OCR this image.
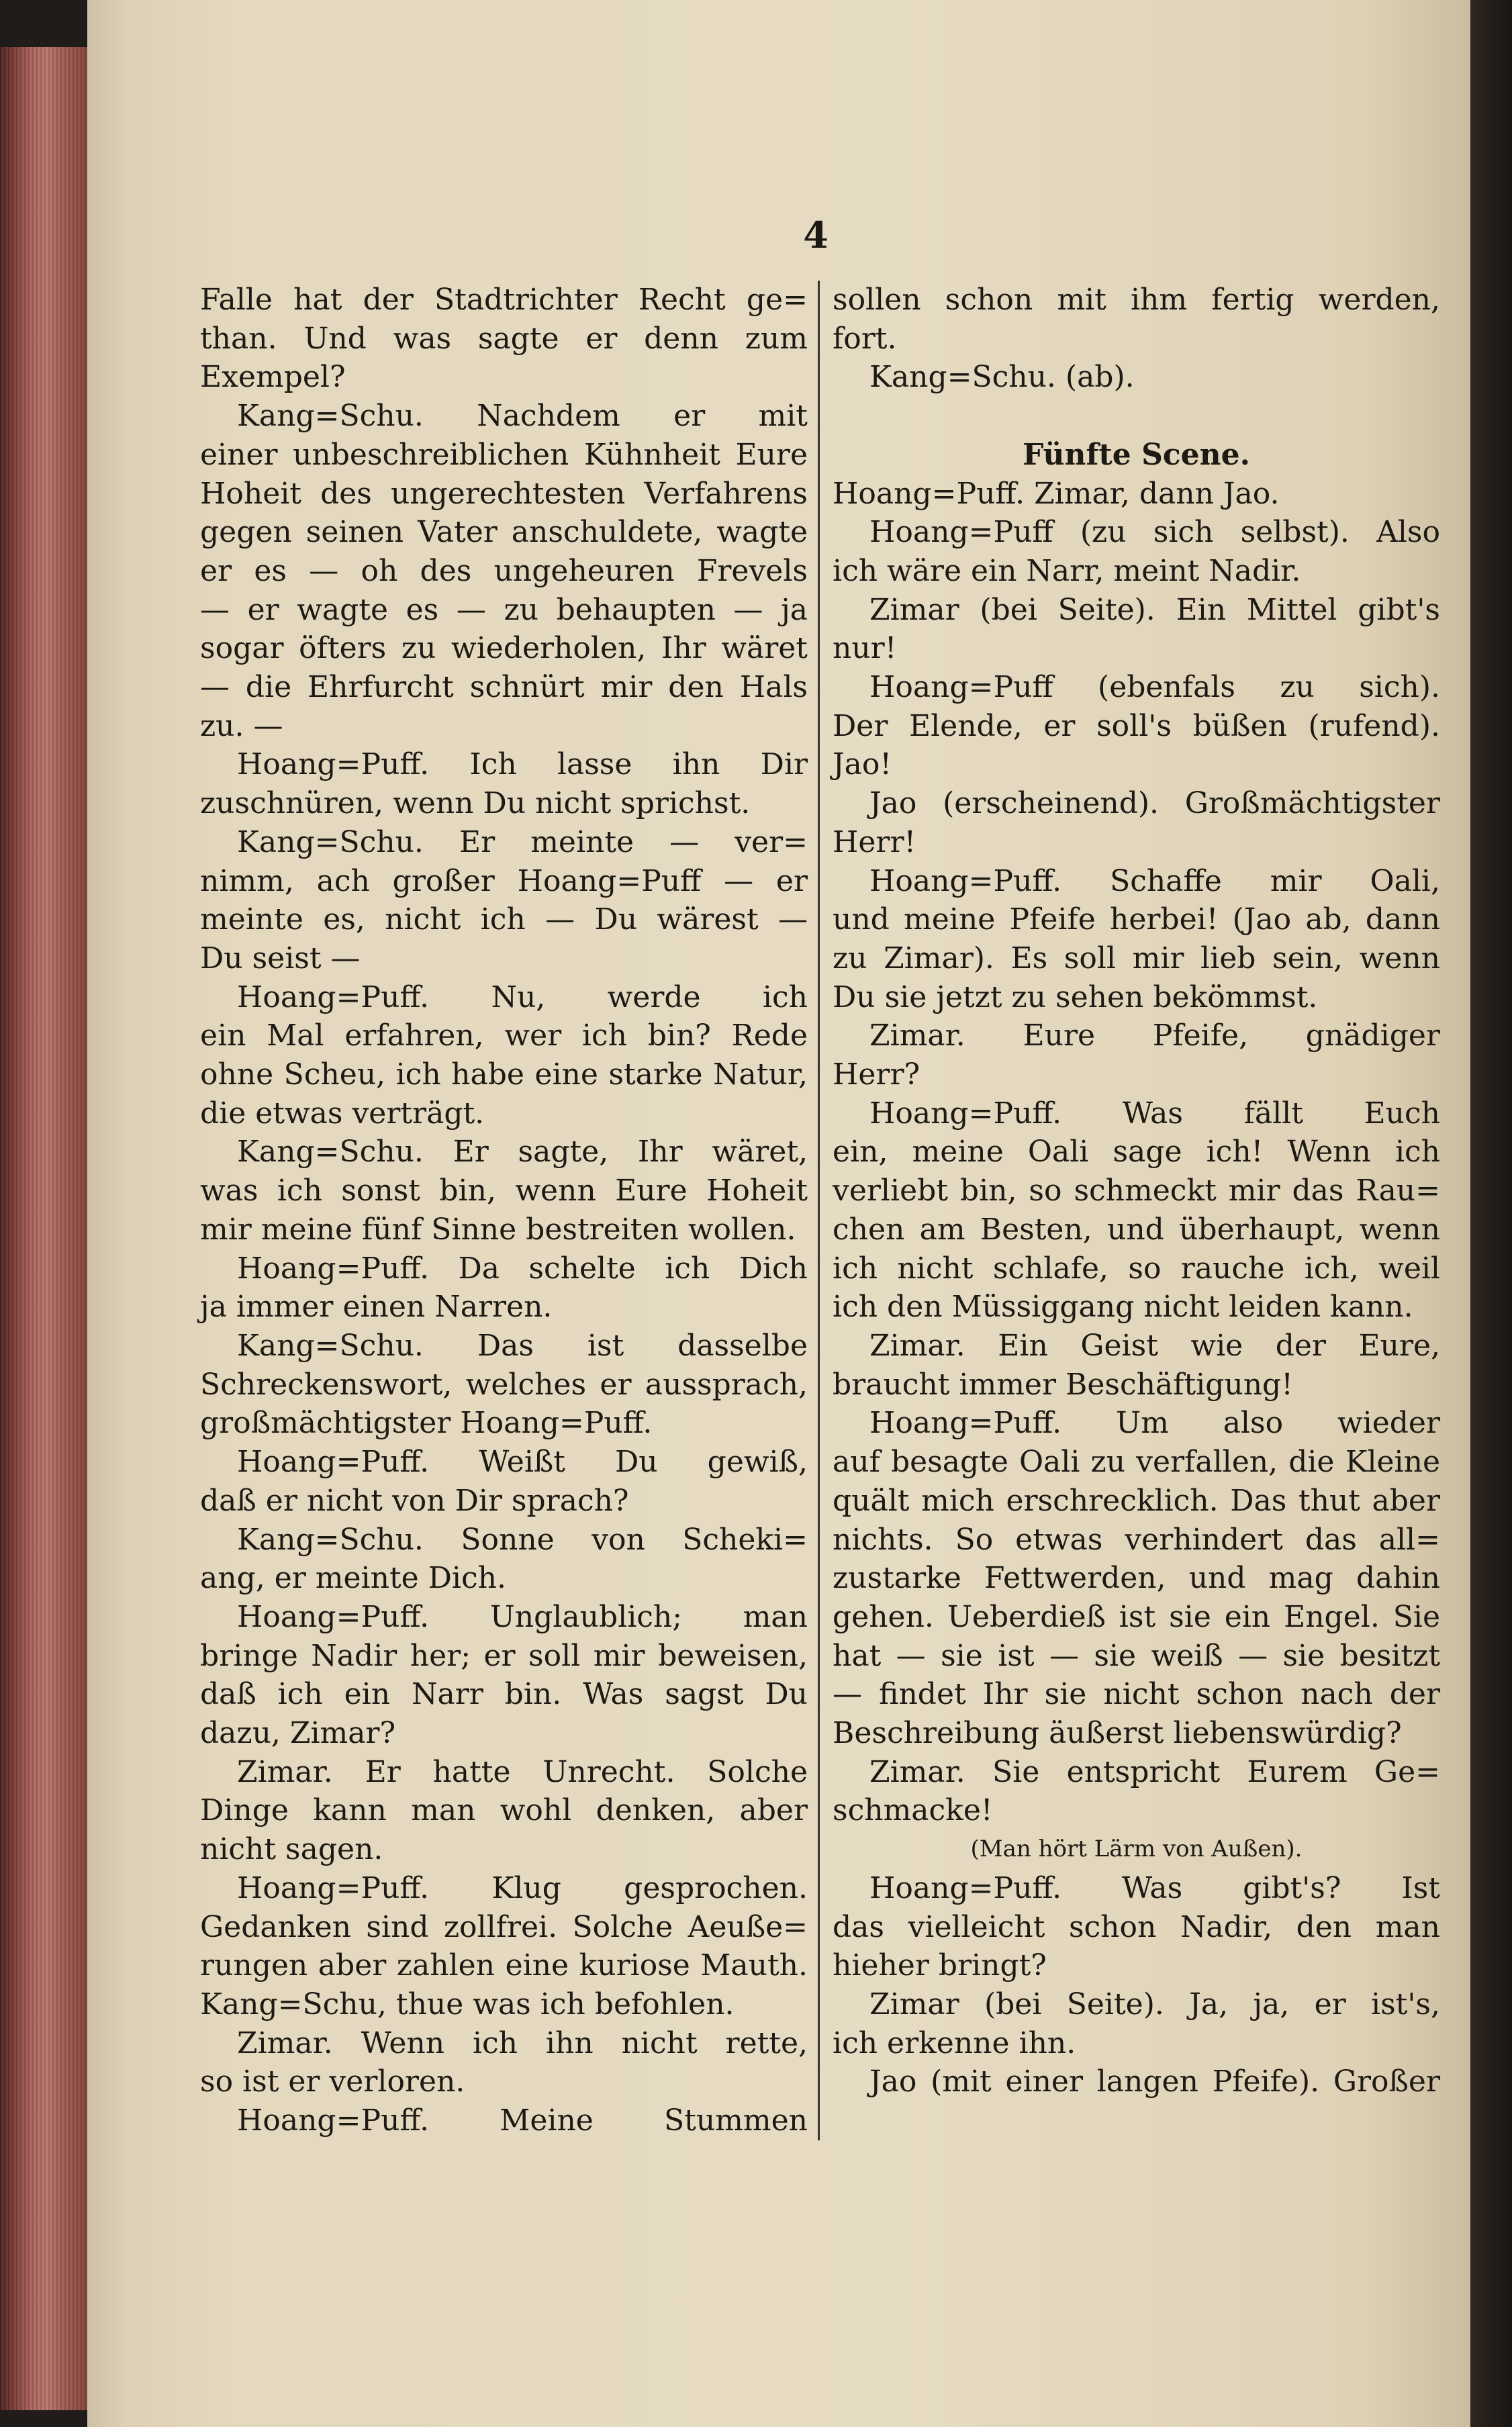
4
Falle hat der Stadtrichter Recht ge=
than. Und was sagte er denn zum
Exempel?
Kang=Schu. Nachdem er mit
einer unbeschreiblichen Kühnheit Eure
Hoheit des ungerechtesten Verfahrens
gegen seinen Vater anschuldete, wagte
er es — oh des ungeheuren Frevels
— er wagte es — zu behaupten — ja
sogar öfters zu wiederholen, Ihr wäret
— die Ehrfurcht schnürt mir den Hals
zu. —
Hoang=Puff. Ich lasse ihn Dir
zuschnüren, wenn Du nicht sprichst.
Kang=Schu. Er meinte — ver=
nimm, ach großer Hoang=Puff — er
meinte es, nicht ich — Du wärest —
Du seist —
Hoang=Puff. Nu, werde ich
ein Mal erfahren, wer ich bin? Rede
ohne Scheu, ich habe eine starke Natur,
die etwas verträgt.
Kang=Schu. Er sagte, Ihr wäret,
was ich sonst bin, wenn Eure Hoheit
mir meine fünf Sinne bestreiten wollen.
Hoang=Puff. Da schelte ich Dich
ja immer einen Narren.
Kang=Schu. Das ist dasselbe
Schreckenswort, welches er aussprach,
großmächtigster Hoang=Puff.
Hoang=Puff. Weißt Du gewiß,
daß er nicht von Dir sprach?
Kang=Schu. Sonne von Scheki=
ang, er meinte Dich.
Hoang=Puff. Unglaublich; man
bringe Nadir her; er soll mir beweisen,
daß ich ein Narr bin. Was sagst Du
dazu, Zimar?
Zimar. Er hatte Unrecht. Solche
Dinge kann man wohl denken, aber
nicht sagen.
Hoang=Puff. Klug gesprochen.
Gedanken sind zollfrei. Solche Aeuße=
rungen aber zahlen eine kuriose Mauth.
Kang=Schu, thue was ich befohlen.
Zimar. Wenn ich ihn nicht rette,
so ist er verloren.
Hoang=Puff. Meine Stummen
sollen schon mit ihm fertig werden,
fort.
Kang=Schu. (ab).

Fünfte Scene.
Hoang=Puff. Zimar, dann Jao.
Hoang=Puff (zu sich selbst). Also
ich wäre ein Narr, meint Nadir.
Zimar (bei Seite). Ein Mittel gibt's
nur!
Hoang=Puff (ebenfals zu sich).
Der Elende, er soll's büßen (rufend).
Jao!
Jao (erscheinend). Großmächtigster
Herr!
Hoang=Puff. Schaffe mir Oali,
und meine Pfeife herbei! (Jao ab, dann
zu Zimar). Es soll mir lieb sein, wenn
Du sie jetzt zu sehen bekömmst.
Zimar. Eure Pfeife, gnädiger
Herr?
Hoang=Puff. Was fällt Euch
ein, meine Oali sage ich! Wenn ich
verliebt bin, so schmeckt mir das Rau=
chen am Besten, und überhaupt, wenn
ich nicht schlafe, so rauche ich, weil
ich den Müssiggang nicht leiden kann.
Zimar. Ein Geist wie der Eure,
braucht immer Beschäftigung!
Hoang=Puff. Um also wieder
auf besagte Oali zu verfallen, die Kleine
quält mich erschrecklich. Das thut aber
nichts. So etwas verhindert das all=
zustarke Fettwerden, und mag dahin
gehen. Ueberdieß ist sie ein Engel. Sie
hat — sie ist — sie weiß — sie besitzt
— findet Ihr sie nicht schon nach der
Beschreibung äußerst liebenswürdig?
Zimar. Sie entspricht Eurem Ge=
schmacke!
(Man hört Lärm von Außen).
Hoang=Puff. Was gibt's? Ist
das vielleicht schon Nadir, den man
hieher bringt?
Zimar (bei Seite). Ja, ja, er ist's,
ich erkenne ihn.
Jao (mit einer langen Pfeife). Großer
